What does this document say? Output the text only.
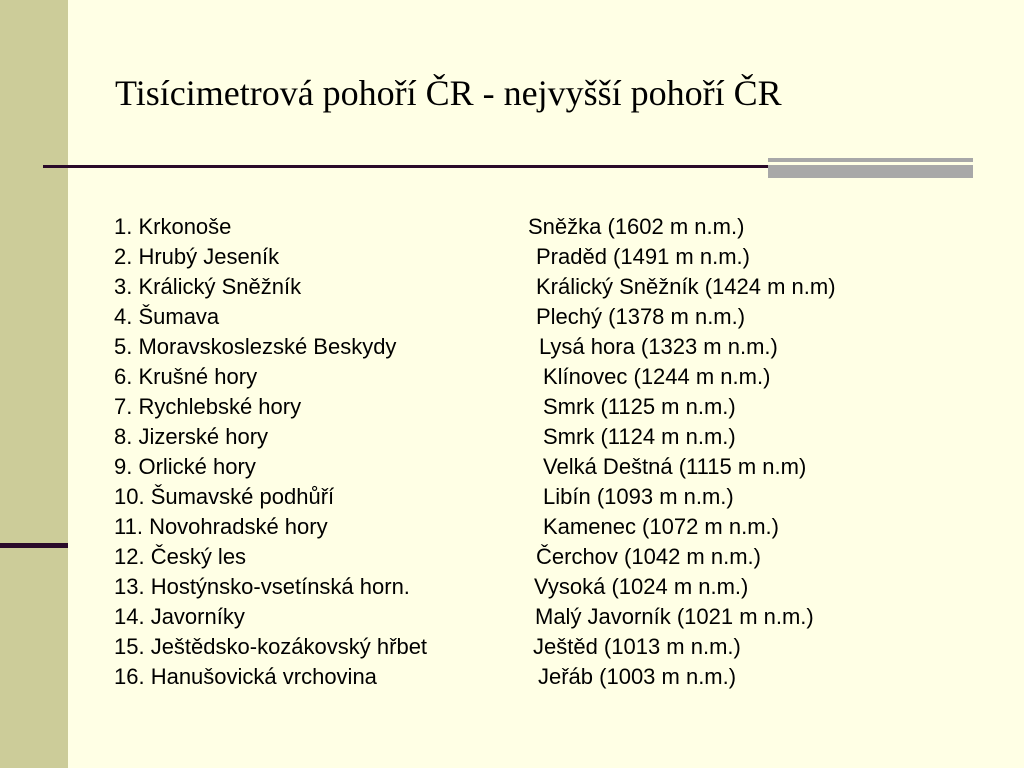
Tisícimetrová pohoří ČR - nejvyšší pohoří ČR
1. Krkonoše	Sněžka (1602 m n.m.)
2. Hrubý Jeseník	Praděd (1491 m n.m.)
3. Králický Sněžník	Králický Sněžník (1424 m n.m)
4. Šumava	Plechý (1378 m n.m.)
5. Moravskoslezské Beskydy	Lysá hora (1323 m n.m.)
6. Krušné hory	Klínovec (1244 m n.m.)
7. Rychlebské hory	Smrk (1125 m n.m.)
8. Jizerské hory	Smrk (1124 m n.m.)
9. Orlické hory	Velká Deštná (1115 m n.m)
10. Šumavské podhůří	Libín (1093 m n.m.)
11. Novohradské hory	Kamenec (1072 m n.m.)
12. Český les	Čerchov (1042 m n.m.)
13. Hostýnsko-vsetínská horn.	Vysoká (1024 m n.m.)
14. Javorníky	Malý Javorník (1021 m n.m.)
15. Ještědsko-kozákovský hřbet	Ještěd (1013 m n.m.)
16. Hanušovická vrchovina	Jeřáb (1003 m n.m.)
